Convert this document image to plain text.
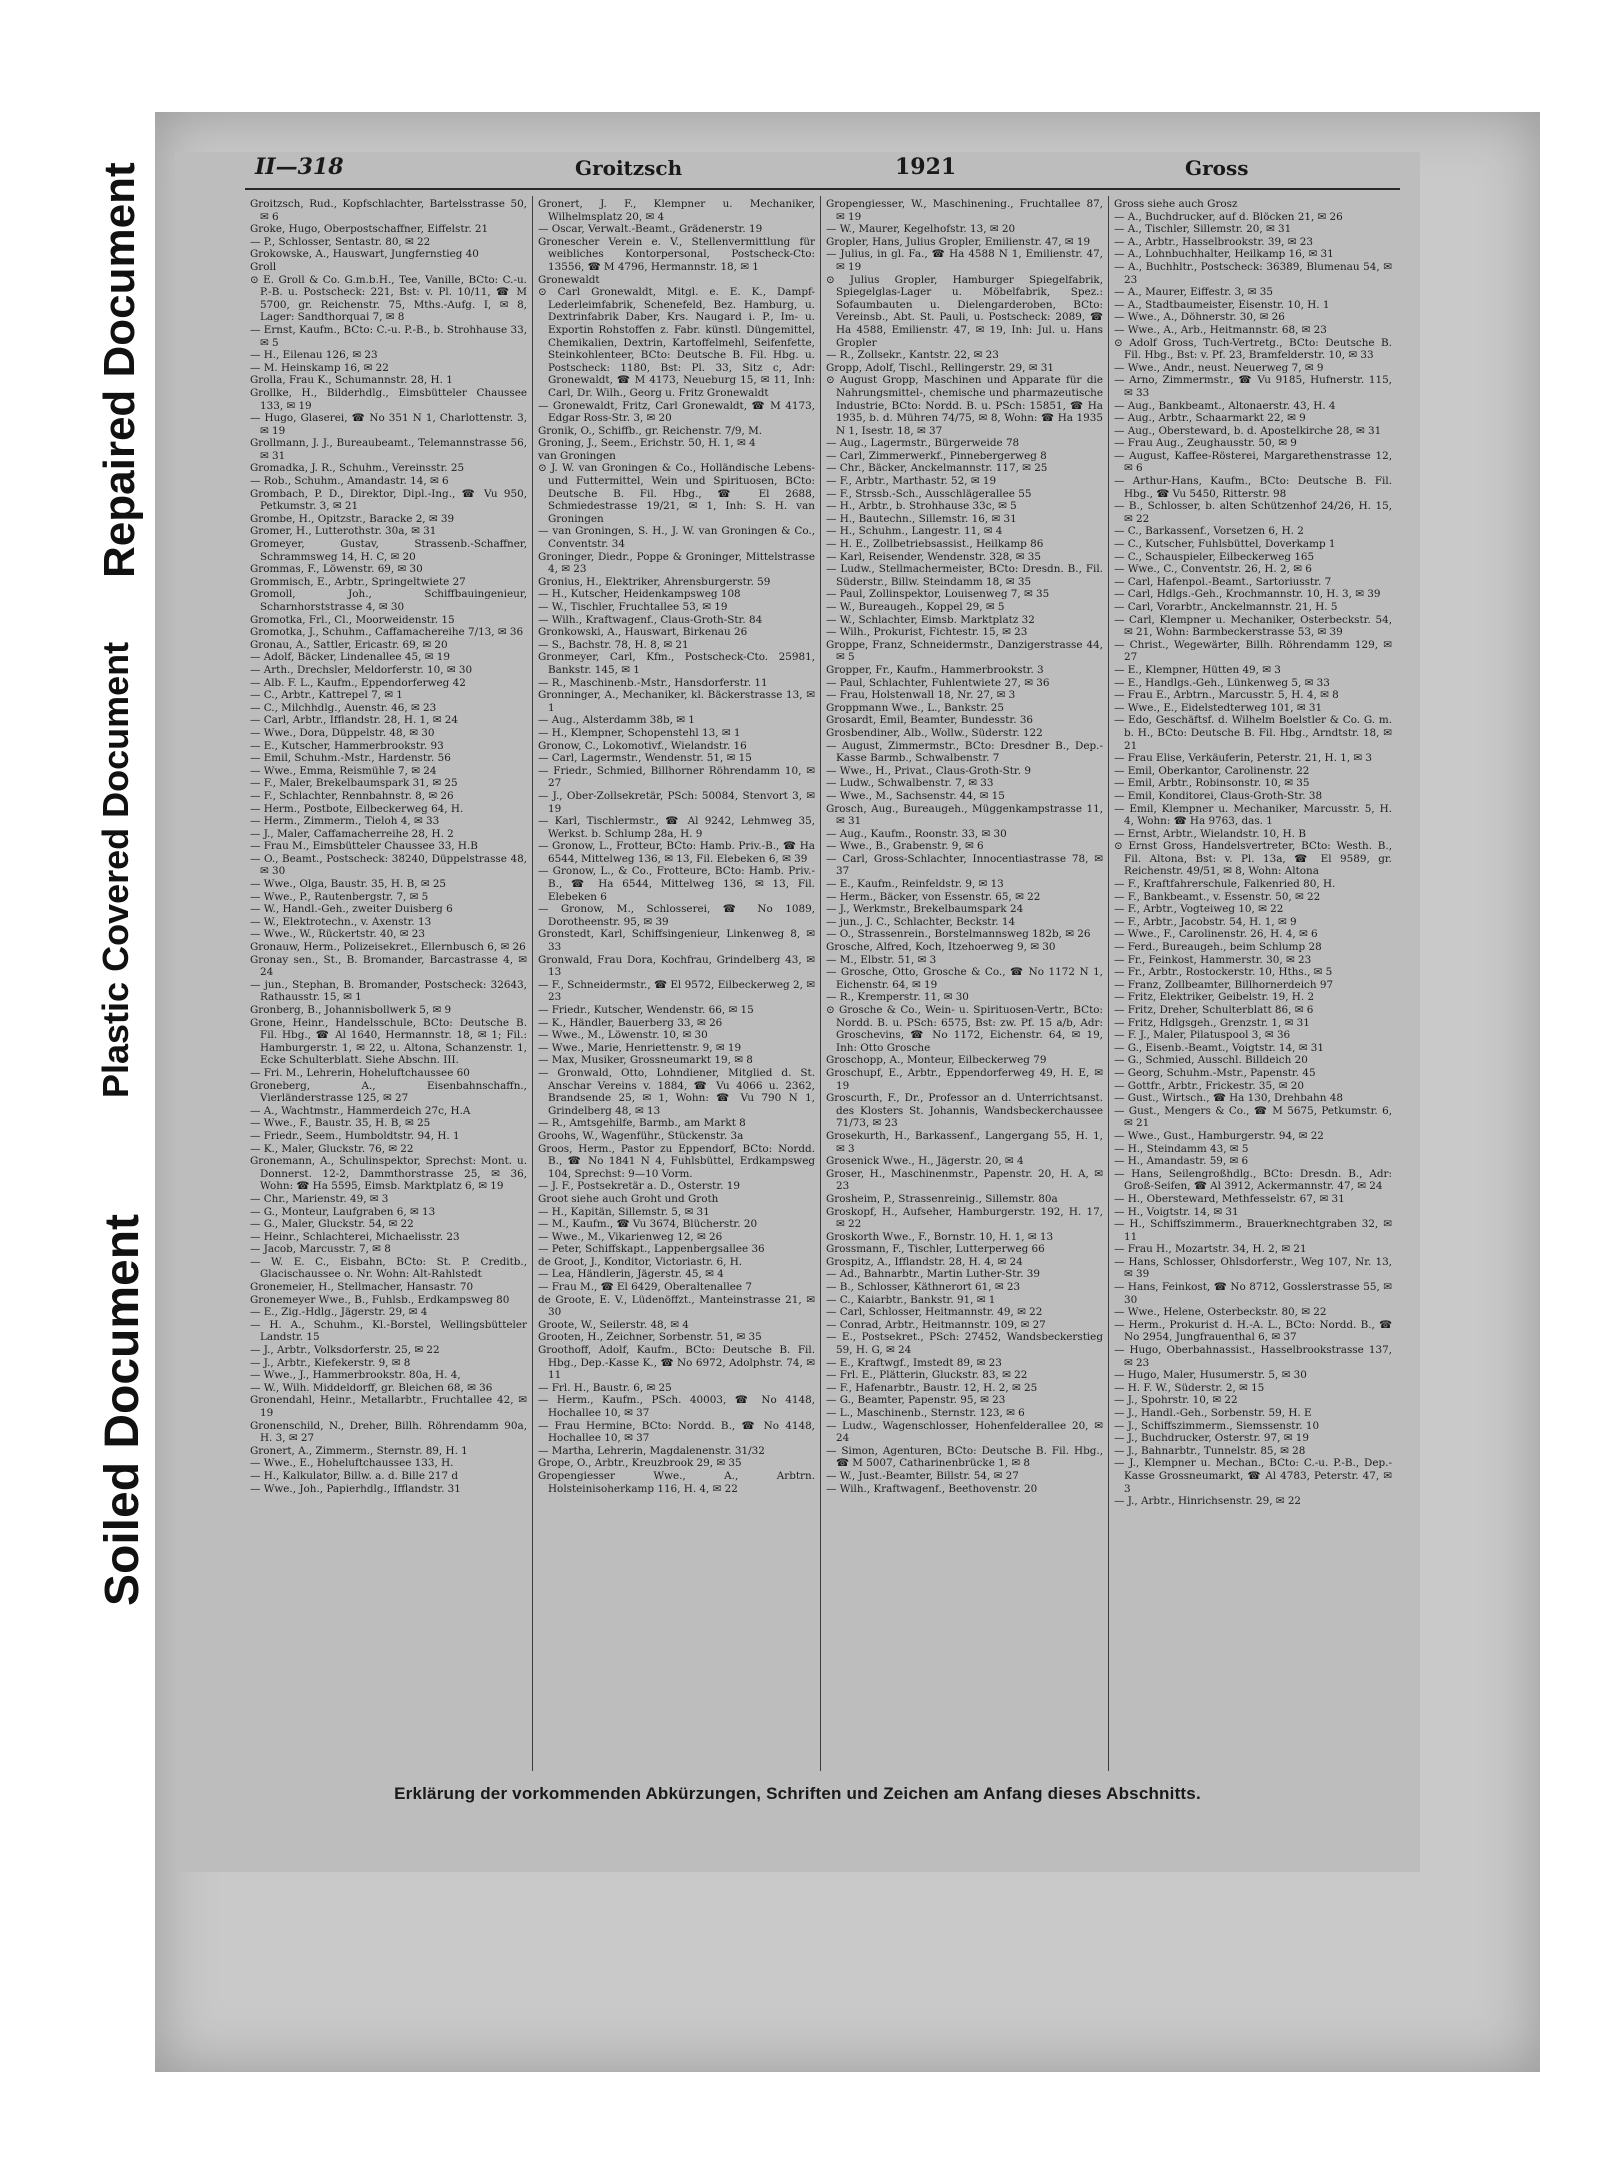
Repaired Document
Plastic Covered Document
Soiled Document
II—318	Groitzsch	1921	Gross
Groitzsch, Rud., Kopfschlachter, Bartelsstrasse 50, ✉ 6
Groke, Hugo, Oberpostschaffner, Eiffelstr. 21
— P., Schlosser, Sentastr. 80, ✉ 22
Grokowske, A., Hauswart, Jungfernstieg 40
Groll
⊙ E. Groll & Co. G.m.b.H., Tee, Vanille, BCto: C.-u. P.-B. u. Postscheck: 221, Bst: v. Pl. 10/11, ☎ M 5700, gr. Reichenstr. 75, Mths.-Aufg. I, ✉ 8, Lager: Sandthorquai 7, ✉ 8
— Ernst, Kaufm., BCto: C.-u. P.-B., b. Strohhause 33, ✉ 5
— H., Eilenau 126, ✉ 23
— M. Heinskamp 16, ✉ 22
Grolla, Frau K., Schumannstr. 28, H. 1
Grollke, H., Bilderhdlg., Eimsbütteler Chaussee 133, ✉ 19
— Hugo, Glaserei, ☎ No 351 N 1, Charlottenstr. 3, ✉ 19
Grollmann, J. J., Bureaubeamt., Telemannstrasse 56, ✉ 31
Gromadka, J. R., Schuhm., Vereinsstr. 25
— Rob., Schuhm., Amandastr. 14, ✉ 6
Grombach, P. D., Direktor, Dipl.-Ing., ☎ Vu 950, Petkumstr. 3, ✉ 21
Grombe, H., Opitzstr., Baracke 2, ✉ 39
Gromer, H., Lutterothstr. 30a, ✉ 31
Gromeyer, Gustav, Strassenb.-Schaffner, Schrammsweg 14, H. C, ✉ 20
Grommas, F., Löwenstr. 69, ✉ 30
Grommisch, E., Arbtr., Springeltwiete 27
Gromoll, Joh., Schiffbauingenieur, Scharnhorststrasse 4, ✉ 30
Gromotka, Frl., Cl., Moorweidenstr. 15
Gromotka, J., Schuhm., Caffamachereihe 7/13, ✉ 36
Gronau, A., Sattler, Ericastr. 69, ✉ 20
— Adolf, Bäcker, Lindenallee 45, ✉ 19
— Arth., Drechsler, Meldorferstr. 10, ✉ 30
— Alb. F. L., Kaufm., Eppendorferweg 42
— C., Arbtr., Kattrepel 7, ✉ 1
— C., Milchhdlg., Auenstr. 46, ✉ 23
— Carl, Arbtr., Ifflandstr. 28, H. 1, ✉ 24
— Wwe., Dora, Düppelstr. 48, ✉ 30
— E., Kutscher, Hammerbrookstr. 93
— Emil, Schuhm.-Mstr., Hardenstr. 56
— Wwe., Emma, Reismühle 7, ✉ 24
— F., Maler, Brekelbaumspark 31, ✉ 25
— F., Schlachter, Rennbahnstr. 8, ✉ 26
— Herm., Postbote, Eilbeckerweg 64, H.
— Herm., Zimmerm., Tieloh 4, ✉ 33
— J., Maler, Caffamacherreihe 28, H. 2
— Frau M., Eimsbütteler Chaussee 33, H.B
— O., Beamt., Postscheck: 38240, Düppelstrasse 48, ✉ 30
— Wwe., Olga, Baustr. 35, H. B, ✉ 25
— Wwe., P., Rautenbergstr. 7, ✉ 5
— W., Handl.-Geh., zweiter Duisberg 6
— W., Elektrotechn., v. Axenstr. 13
— Wwe., W., Rückertstr. 40, ✉ 23
Gronauw, Herm., Polizeisekret., Ellernbusch 6, ✉ 26
Gronay sen., St., B. Bromander, Barcastrasse 4, ✉ 24
— jun., Stephan, B. Bromander, Postscheck: 32643, Rathausstr. 15, ✉ 1
Gronberg, B., Johannisbollwerk 5, ✉ 9
Grone, Heinr., Handelsschule, BCto: Deutsche B. Fil. Hbg., ☎ Al 1640, Hermannstr. 18, ✉ 1; Fil.: Hamburgerstr. 1, ✉ 22, u. Altona, Schanzenstr. 1, Ecke Schulterblatt. Siehe Abschn. III.
— Fri. M., Lehrerin, Hoheluftchaussee 60
Groneberg, A., Eisenbahnschaffn., Vierländerstrasse 125, ✉ 27
— A., Wachtmstr., Hammerdeich 27c, H.A
— Wwe., F., Baustr. 35, H. B, ✉ 25
— Friedr., Seem., Humboldtstr. 94, H. 1
— K., Maler, Gluckstr. 76, ✉ 22
Gronemann, A., Schulinspektor, Sprechst: Mont. u. Donnerst. 12-2, Dammthorstrasse 25, ✉ 36, Wohn: ☎ Ha 5595, Eimsb. Marktplatz 6, ✉ 19
— Chr., Marienstr. 49, ✉ 3
— G., Monteur, Laufgraben 6, ✉ 13
— G., Maler, Gluckstr. 54, ✉ 22
— Heinr., Schlachterei, Michaelisstr. 23
— Jacob, Marcusstr. 7, ✉ 8
— W. E. C., Eisbahn, BCto: St. P. Creditb., Glacischaussee o. Nr. Wohn: Alt-Rahlstedt
Gronemeier, H., Stellmacher, Hansastr. 70
Gronemeyer Wwe., B., Fuhlsb., Erdkampsweg 80
— E., Zig.-Hdlg., Jägerstr. 29, ✉ 4
— H. A., Schuhm., Kl.-Borstel, Wellingsbütteler Landstr. 15
— J., Arbtr., Volksdorferstr. 25, ✉ 22
— J., Arbtr., Kiefekerstr. 9, ✉ 8
— Wwe., J., Hammerbrookstr. 80a, H. 4,
— W., Wilh. Middeldorff, gr. Bleichen 68, ✉ 36
Gronendahl, Heinr., Metallarbtr., Fruchtallee 42, ✉ 19
Gronenschild, N., Dreher, Billh. Röhrendamm 90a, H. 3, ✉ 27
Gronert, A., Zimmerm., Sternstr. 89, H. 1
— Wwe., E., Hoheluftchaussee 133, H.
— H., Kalkulator, Billw. a. d. Bille 217 d
— Wwe., Joh., Papierhdlg., Ifflandstr. 31
Gronert, J. F., Klempner u. Mechaniker, Wilhelmsplatz 20, ✉ 4
— Oscar, Verwalt.-Beamt., Grädenerstr. 19
Gronescher Verein e. V., Stellenvermittlung für weibliches Kontorpersonal, Postscheck-Cto: 13556, ☎ M 4796, Hermannstr. 18, ✉ 1
Gronewaldt
⊙ Carl Gronewaldt, Mitgl. e. E. K., Dampf-Lederleimfabrik, Schenefeld, Bez. Hamburg, u. Dextrinfabrik Daber, Krs. Naugard i. P., Im- u. Exportin Rohstoffen z. Fabr. künstl. Düngemittel, Chemikalien, Dextrin, Kartoffelmehl, Seifenfette, Steinkohlenteer, BCto: Deutsche B. Fil. Hbg. u. Postscheck: 1180, Bst: Pl. 33, Sitz c, Adr: Gronewaldt, ☎ M 4173, Neueburg 15, ✉ 11, Inh: Carl, Dr. Wilh., Georg u. Fritz Gronewaldt
— Gronewaldt, Fritz, Carl Gronewaldt, ☎ M 4173, Edgar Ross-Str. 3, ✉ 20
Gronik, O., Schiffb., gr. Reichenstr. 7/9, M.
Groning, J., Seem., Erichstr. 50, H. 1, ✉ 4
van Groningen
⊙ J. W. van Groningen & Co., Holländische Lebens- und Futtermittel, Wein und Spirituosen, BCto: Deutsche B. Fil. Hbg., ☎ El 2688, Schmiedestrasse 19/21, ✉ 1, Inh: S. H. van Groningen
— van Groningen, S. H., J. W. van Groningen & Co., Conventstr. 34
Groninger, Diedr., Poppe & Groninger, Mittelstrasse 4, ✉ 23
Gronius, H., Elektriker, Ahrensburgerstr. 59
— H., Kutscher, Heidenkampsweg 108
— W., Tischler, Fruchtallee 53, ✉ 19
— Wilh., Kraftwagenf., Claus-Groth-Str. 84
Gronkowski, A., Hauswart, Birkenau 26
— S., Bachstr. 78, H. 8, ✉ 21
Gronmeyer, Carl, Kfm., Postscheck-Cto. 25981, Bankstr. 145, ✉ 1
— R., Maschinenb.-Mstr., Hansdorferstr. 11
Gronninger, A., Mechaniker, kl. Bäckerstrasse 13, ✉ 1
— Aug., Alsterdamm 38b, ✉ 1
— H., Klempner, Schopenstehl 13, ✉ 1
Gronow, C., Lokomotivf., Wielandstr. 16
— Carl, Lagermstr., Wendenstr. 51, ✉ 15
— Friedr., Schmied, Billhorner Röhrendamm 10, ✉ 27
— J., Ober-Zollsekretär, PSch: 50084, Stenvort 3, ✉ 19
— Karl, Tischlermstr., ☎ Al 9242, Lehmweg 35, Werkst. b. Schlump 28a, H. 9
— Gronow, L., Frotteur, BCto: Hamb. Priv.-B., ☎ Ha 6544, Mittelweg 136, ✉ 13, Fil. Elebeken 6, ✉ 39
— Gronow, L., & Co., Frotteure, BCto: Hamb. Priv.-B., ☎ Ha 6544, Mittelweg 136, ✉ 13, Fil. Elebeken 6
— Gronow, M., Schlosserei, ☎ No 1089, Dorotheenstr. 95, ✉ 39
Gronstedt, Karl, Schiffsingenieur, Linkenweg 8, ✉ 33
Gronwald, Frau Dora, Kochfrau, Grindelberg 43, ✉ 13
— F., Schneidermstr., ☎ El 9572, Eilbeckerweg 2, ✉ 23
— Friedr., Kutscher, Wendenstr. 66, ✉ 15
— K., Händler, Bauerberg 33, ✉ 26
— Wwe., M., Löwenstr. 10, ✉ 30
— Wwe., Marie, Henriettenstr. 9, ✉ 19
— Max, Musiker, Grossneumarkt 19, ✉ 8
— Gronwald, Otto, Lohndiener, Mitglied d. St. Anschar Vereins v. 1884, ☎ Vu 4066 u. 2362, Brandsende 25, ✉ 1, Wohn: ☎ Vu 790 N 1, Grindelberg 48, ✉ 13
— R., Amtsgehilfe, Barmb., am Markt 8
Groohs, W., Wagenführ., Stückenstr. 3a
Groos, Herm., Pastor zu Eppendorf, BCto: Nordd. B., ☎ No 1841 N 4, Fuhlsbüttel, Erdkampsweg 104, Sprechst: 9—10 Vorm.
— J. F., Postsekretär a. D., Osterstr. 19
Groot siehe auch Groht und Groth
— H., Kapitän, Sillemstr. 5, ✉ 31
— M., Kaufm., ☎ Vu 3674, Blücherstr. 20
— Wwe., M., Vikarienweg 12, ✉ 26
— Peter, Schiffskapt., Lappenbergsallee 36
de Groot, J., Konditor, Victoriastr. 6, H.
— Lea, Händlerin, Jägerstr. 45, ✉ 4
— Frau M., ☎ El 6429, Oberaltenallee 7
de Groote, E. V., Lüdenöffzt., Manteinstrasse 21, ✉ 30
Groote, W., Seilerstr. 48, ✉ 4
Grooten, H., Zeichner, Sorbenstr. 51, ✉ 35
Groothoff, Adolf, Kaufm., BCto: Deutsche B. Fil. Hbg., Dep.-Kasse K., ☎ No 6972, Adolphstr. 74, ✉ 11
— Frl. H., Baustr. 6, ✉ 25
— Herm., Kaufm., PSch. 40003, ☎ No 4148, Hochallee 10, ✉ 37
— Frau Hermine, BCto: Nordd. B., ☎ No 4148, Hochallee 10, ✉ 37
— Martha, Lehrerin, Magdalenenstr. 31/32
Grope, O., Arbtr., Kreuzbrook 29, ✉ 35
Gropengiesser Wwe., A., Arbtrn. Holsteinisoherkamp 116, H. 4, ✉ 22
Gropengiesser, W., Maschinening., Fruchtallee 87, ✉ 19
— W., Maurer, Kegelhofstr. 13, ✉ 20
Gropler, Hans, Julius Gropler, Emilienstr. 47, ✉ 19
— Julius, in gl. Fa., ☎ Ha 4588 N 1, Emilienstr. 47, ✉ 19
⊙ Julius Gropler, Hamburger Spiegelfabrik, Spiegelglas-Lager u. Möbelfabrik, Spez.: Sofaumbauten u. Dielengarderoben, BCto: Vereinsb., Abt. St. Pauli, u. Postscheck: 2089, ☎ Ha 4588, Emilienstr. 47, ✉ 19, Inh: Jul. u. Hans Gropler
— R., Zollsekr., Kantstr. 22, ✉ 23
Gropp, Adolf, Tischl., Rellingerstr. 29, ✉ 31
⊙ August Gropp, Maschinen und Apparate für die Nahrungsmittel-, chemische und pharmazeutische Industrie, BCto: Nordd. B. u. PSch: 15851, ☎ Ha 1935, b. d. Mühren 74/75, ✉ 8, Wohn: ☎ Ha 1935 N 1, Isestr. 18, ✉ 37
— Aug., Lagermstr., Bürgerweide 78
— Carl, Zimmerwerkf., Pinnebergerweg 8
— Chr., Bäcker, Anckelmannstr. 117, ✉ 25
— F., Arbtr., Marthastr. 52, ✉ 19
— F., Strssb.-Sch., Ausschlägerallee 55
— H., Arbtr., b. Strohhause 33c, ✉ 5
— H., Bautechn., Sillemstr. 16, ✉ 31
— H., Schuhm., Langestr. 11, ✉ 4
— H. E., Zollbetriebsassist., Heilkamp 86
— Karl, Reisender, Wendenstr. 328, ✉ 35
— Ludw., Stellmachermeister, BCto: Dresdn. B., Fil. Süderstr., Billw. Steindamm 18, ✉ 35
— Paul, Zollinspektor, Louisenweg 7, ✉ 35
— W., Bureaugeh., Koppel 29, ✉ 5
— W., Schlachter, Eimsb. Marktplatz 32
— Wilh., Prokurist, Fichtestr. 15, ✉ 23
Groppe, Franz, Schneidermstr., Danzigerstrasse 44, ✉ 5
Gropper, Fr., Kaufm., Hammerbrookstr. 3
— Paul, Schlachter, Fuhlentwiete 27, ✉ 36
— Frau, Holstenwall 18, Nr. 27, ✉ 3
Groppmann Wwe., L., Bankstr. 25
Grosardt, Emil, Beamter, Bundesstr. 36
Grosbendiner, Alb., Wollw., Süderstr. 122
— August, Zimmermstr., BCto: Dresdner B., Dep.-Kasse Barmb., Schwalbenstr. 7
— Wwe., H., Privat., Claus-Groth-Str. 9
— Ludw., Schwalbenstr. 7, ✉ 33
— Wwe., M., Sachsenstr. 44, ✉ 15
Grosch, Aug., Bureaugeh., Müggenkampstrasse 11, ✉ 31
— Aug., Kaufm., Roonstr. 33, ✉ 30
— Wwe., B., Grabenstr. 9, ✉ 6
— Carl, Gross-Schlachter, Innocentiastrasse 78, ✉ 37
— E., Kaufm., Reinfeldstr. 9, ✉ 13
— Herm., Bäcker, von Essenstr. 65, ✉ 22
— J., Werkmstr., Brekelbaumspark 24
— jun., J. C., Schlachter, Beckstr. 14
— O., Strassenrein., Borstelmannsweg 182b, ✉ 26
Grosche, Alfred, Koch, Itzehoerweg 9, ✉ 30
— M., Elbstr. 51, ✉ 3
— Grosche, Otto, Grosche & Co., ☎ No 1172 N 1, Eichenstr. 64, ✉ 19
— R., Kremperstr. 11, ✉ 30
⊙ Grosche & Co., Wein- u. Spirituosen-Vertr., BCto: Nordd. B. u. PSch: 6575, Bst: zw. Pf. 15 a/b, Adr: Groschevins, ☎ No 1172, Eichenstr. 64, ✉ 19, Inh: Otto Grosche
Groschopp, A., Monteur, Eilbeckerweg 79
Groschupf, E., Arbtr., Eppendorferweg 49, H. E, ✉ 19
Groscurth, F., Dr., Professor an d. Unterrichtsanst. des Klosters St. Johannis, Wandsbeckerchaussee 71/73, ✉ 23
Grosekurth, H., Barkassenf., Langergang 55, H. 1, ✉ 3
Grosenick Wwe., H., Jägerstr. 20, ✉ 4
Groser, H., Maschinenmstr., Papenstr. 20, H. A, ✉ 23
Grosheim, P., Strassenreinig., Sillemstr. 80a
Groskopf, H., Aufseher, Hamburgerstr. 192, H. 17, ✉ 22
Groskorth Wwe., F., Bornstr. 10, H. 1, ✉ 13
Grossmann, F., Tischler, Lutterperweg 66
Grospitz, A., Ifflandstr. 28, H. 4, ✉ 24
— Ad., Bahnarbtr., Martin Luther-Str. 39
— B., Schlosser, Käthnerort 61, ✉ 23
— C., Kaiarbtr., Bankstr. 91, ✉ 1
— Carl, Schlosser, Heitmannstr. 49, ✉ 22
— Conrad, Arbtr., Heitmannstr. 109, ✉ 27
— E., Postsekret., PSch: 27452, Wandsbeckerstieg 59, H. G, ✉ 24
— E., Kraftwgf., Imstedt 89, ✉ 23
— Frl. E., Plätterin, Gluckstr. 83, ✉ 22
— F., Hafenarbtr., Baustr. 12, H. 2, ✉ 25
— G., Beamter, Papenstr. 95, ✉ 23
— L., Maschinenb., Sternstr. 123, ✉ 6
— Ludw., Wagenschlosser, Hohenfelderallee 20, ✉ 24
— Simon, Agenturen, BCto: Deutsche B. Fil. Hbg., ☎ M 5007, Catharinenbrücke 1, ✉ 8
— W., Just.-Beamter, Billstr. 54, ✉ 27
— Wilh., Kraftwagenf., Beethovenstr. 20
Gross siehe auch Grosz
— A., Buchdrucker, auf d. Blöcken 21, ✉ 26
— A., Tischler, Sillemstr. 20, ✉ 31
— A., Arbtr., Hasselbrookstr. 39, ✉ 23
— A., Lohnbuchhalter, Heilkamp 16, ✉ 31
— A., Buchhltr., Postscheck: 36389, Blumenau 54, ✉ 23
— A., Maurer, Eiffestr. 3, ✉ 35
— A., Stadtbaumeister, Eisenstr. 10, H. 1
— Wwe., A., Döhnerstr. 30, ✉ 26
— Wwe., A., Arb., Heitmannstr. 68, ✉ 23
⊙ Adolf Gross, Tuch-Vertretg., BCto: Deutsche B. Fil. Hbg., Bst: v. Pf. 23, Bramfelderstr. 10, ✉ 33
— Wwe., Andr., neust. Neuerweg 7, ✉ 9
— Arno, Zimmermstr., ☎ Vu 9185, Hufnerstr. 115, ✉ 33
— Aug., Bankbeamt., Altonaerstr. 43, H. 4
— Aug., Arbtr., Schaarmarkt 22, ✉ 9
— Aug., Obersteward, b. d. Apostelkirche 28, ✉ 31
— Frau Aug., Zeughausstr. 50, ✉ 9
— August, Kaffee-Rösterei, Margarethenstrasse 12, ✉ 6
— Arthur-Hans, Kaufm., BCto: Deutsche B. Fil. Hbg., ☎ Vu 5450, Ritterstr. 98
— B., Schlosser, b. alten Schützenhof 24/26, H. 15, ✉ 22
— C., Barkassenf., Vorsetzen 6, H. 2
— C., Kutscher, Fuhlsbüttel, Doverkamp 1
— C., Schauspieler, Eilbeckerweg 165
— Wwe., C., Conventstr. 26, H. 2, ✉ 6
— Carl, Hafenpol.-Beamt., Sartoriusstr. 7
— Carl, Hdlgs.-Geh., Krochmannstr. 10, H. 3, ✉ 39
— Carl, Vorarbtr., Anckelmannstr. 21, H. 5
— Carl, Klempner u. Mechaniker, Osterbeckstr. 54, ✉ 21, Wohn: Barmbeckerstrasse 53, ✉ 39
— Christ., Wegewärter, Billh. Röhrendamm 129, ✉ 27
— E., Klempner, Hütten 49, ✉ 3
— E., Handlgs.-Geh., Lünkenweg 5, ✉ 33
— Frau E., Arbtrn., Marcusstr. 5, H. 4, ✉ 8
— Wwe., E., Eidelstedterweg 101, ✉ 31
— Edo, Geschäftsf. d. Wilhelm Boelstler & Co. G. m. b. H., BCto: Deutsche B. Fil. Hbg., Arndtstr. 18, ✉ 21
— Frau Elise, Verkäuferin, Peterstr. 21, H. 1, ✉ 3
— Emil, Oberkantor, Carolinenstr. 22
— Emil, Arbtr., Robinsonstr. 10, ✉ 35
— Emil, Konditorei, Claus-Groth-Str. 38
— Emil, Klempner u. Mechaniker, Marcusstr. 5, H. 4, Wohn: ☎ Ha 9763, das. 1
— Ernst, Arbtr., Wielandstr. 10, H. B
⊙ Ernst Gross, Handelsvertreter, BCto: Westh. B., Fil. Altona, Bst: v. Pl. 13a, ☎ El 9589, gr. Reichenstr. 49/51, ✉ 8, Wohn: Altona
— F., Kraftfahrerschule, Falkenried 80, H.
— F., Bankbeamt., v. Essenstr. 50, ✉ 22
— F., Arbtr., Vogteiweg 10, ✉ 22
— F., Arbtr., Jacobstr. 54, H. 1, ✉ 9
— Wwe., F., Carolinenstr. 26, H. 4, ✉ 6
— Ferd., Bureaugeh., beim Schlump 28
— Fr., Feinkost, Hammerstr. 30, ✉ 23
— Fr., Arbtr., Rostockerstr. 10, Hths., ✉ 5
— Franz, Zollbeamter, Billhornerdeich 97
— Fritz, Elektriker, Geibelstr. 19, H. 2
— Fritz, Dreher, Schulterblatt 86, ✉ 6
— Fritz, Hdlgsgeh., Grenzstr. 1, ✉ 31
— F. J., Maler, Pilatuspool 3, ✉ 36
— G., Eisenb.-Beamt., Voigtstr. 14, ✉ 31
— G., Schmied, Ausschl. Billdeich 20
— Georg, Schuhm.-Mstr., Papenstr. 45
— Gottfr., Arbtr., Frickestr. 35, ✉ 20
— Gust., Wirtsch., ☎ Ha 130, Drehbahn 48
— Gust., Mengers & Co., ☎ M 5675, Petkumstr. 6, ✉ 21
— Wwe., Gust., Hamburgerstr. 94, ✉ 22
— H., Steindamm 43, ✉ 5
— H., Amandastr. 59, ✉ 6
— Hans, Seilengroßhdlg., BCto: Dresdn. B., Adr: Groß-Seifen, ☎ Al 3912, Ackermannstr. 47, ✉ 24
— H., Obersteward, Methfesselstr. 67, ✉ 31
— H., Voigtstr. 14, ✉ 31
— H., Schiffszimmerm., Brauerknechtgraben 32, ✉ 11
— Frau H., Mozartstr. 34, H. 2, ✉ 21
— Hans, Schlosser, Ohlsdorferstr., Weg 107, Nr. 13, ✉ 39
— Hans, Feinkost, ☎ No 8712, Gosslerstrasse 55, ✉ 30
— Wwe., Helene, Osterbeckstr. 80, ✉ 22
— Herm., Prokurist d. H.-A. L., BCto: Nordd. B., ☎ No 2954, Jungfrauenthal 6, ✉ 37
— Hugo, Oberbahnassist., Hasselbrookstrasse 137, ✉ 23
— Hugo, Maler, Husumerstr. 5, ✉ 30
— H. F. W., Süderstr. 2, ✉ 15
— J., Spohrstr. 10, ✉ 22
— J., Handl.-Geh., Sorbenstr. 59, H. E
— J., Schiffszimmerm., Siemssenstr. 10
— J., Buchdrucker, Osterstr. 97, ✉ 19
— J., Bahnarbtr., Tunnelstr. 85, ✉ 28
— J., Klempner u. Mechan., BCto: C.-u. P.-B., Dep.-Kasse Grossneumarkt, ☎ Al 4783, Peterstr. 47, ✉ 3
— J., Arbtr., Hinrichsenstr. 29, ✉ 22
Erklärung der vorkommenden Abkürzungen, Schriften und Zeichen am Anfang dieses Abschnitts.
